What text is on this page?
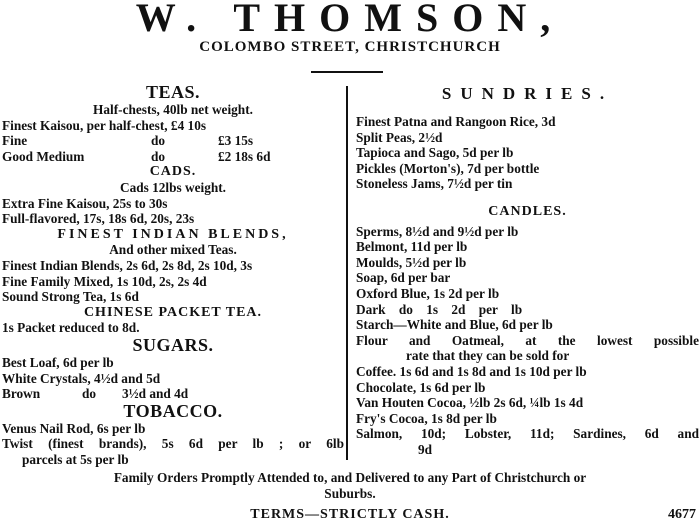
W. THOMSON,
COLOMBO STREET, CHRISTCHURCH
TEAS.
Half-chests, 40lb net weight.
Finest Kaisou, per half-chest, £4 10s
Fine	do	£3 15s
Good Medium	do	£2 18s 6d
CADS.
Cads 12lbs weight.
Extra Fine Kaisou, 25s to 30s
Full-flavored, 17s, 18s 6d, 20s, 23s
FINEST INDIAN BLENDS,
And other mixed Teas.
Finest Indian Blends, 2s 6d, 2s 8d, 2s 10d, 3s
Fine Family Mixed, 1s 10d, 2s, 2s 4d
Sound Strong Tea, 1s 6d
CHINESE PACKET TEA.
1s Packet reduced to 8d.
SUGARS.
Best Loaf, 6d per lb
White Crystals, 4½d and 5d
Brown	do	3½d and 4d
TOBACCO.
Venus Nail Rod, 6s per lb
Twist (finest brands), 5s 6d per lb ; or 6lb
parcels at 5s per lb
SUNDRIES.
Finest Patna and Rangoon Rice, 3d
Split Peas, 2½d
Tapioca and Sago, 5d per lb
Pickles (Morton's), 7d per bottle
Stoneless Jams, 7½d per tin
CANDLES.
Sperms, 8½d and 9½d per lb
Belmont, 11d per lb
Moulds, 5½d per lb
Soap, 6d per bar
Oxford Blue, 1s 2d per lb
Dark do 1s 2d per lb
Starch—White and Blue, 6d per lb
Flour and Oatmeal, at the lowest possible
rate that they can be sold for
Coffee. 1s 6d and 1s 8d and 1s 10d per lb
Chocolate, 1s 6d per lb
Van Houten Cocoa, ½lb 2s 6d, ¼lb 1s 4d
Fry's Cocoa, 1s 8d per lb
Salmon, 10d; Lobster, 11d; Sardines, 6d and
9d
Family Orders Promptly Attended to, and Delivered to any Part of Christchurch or
Suburbs.
TERMS—STRICTLY CASH.	4677
